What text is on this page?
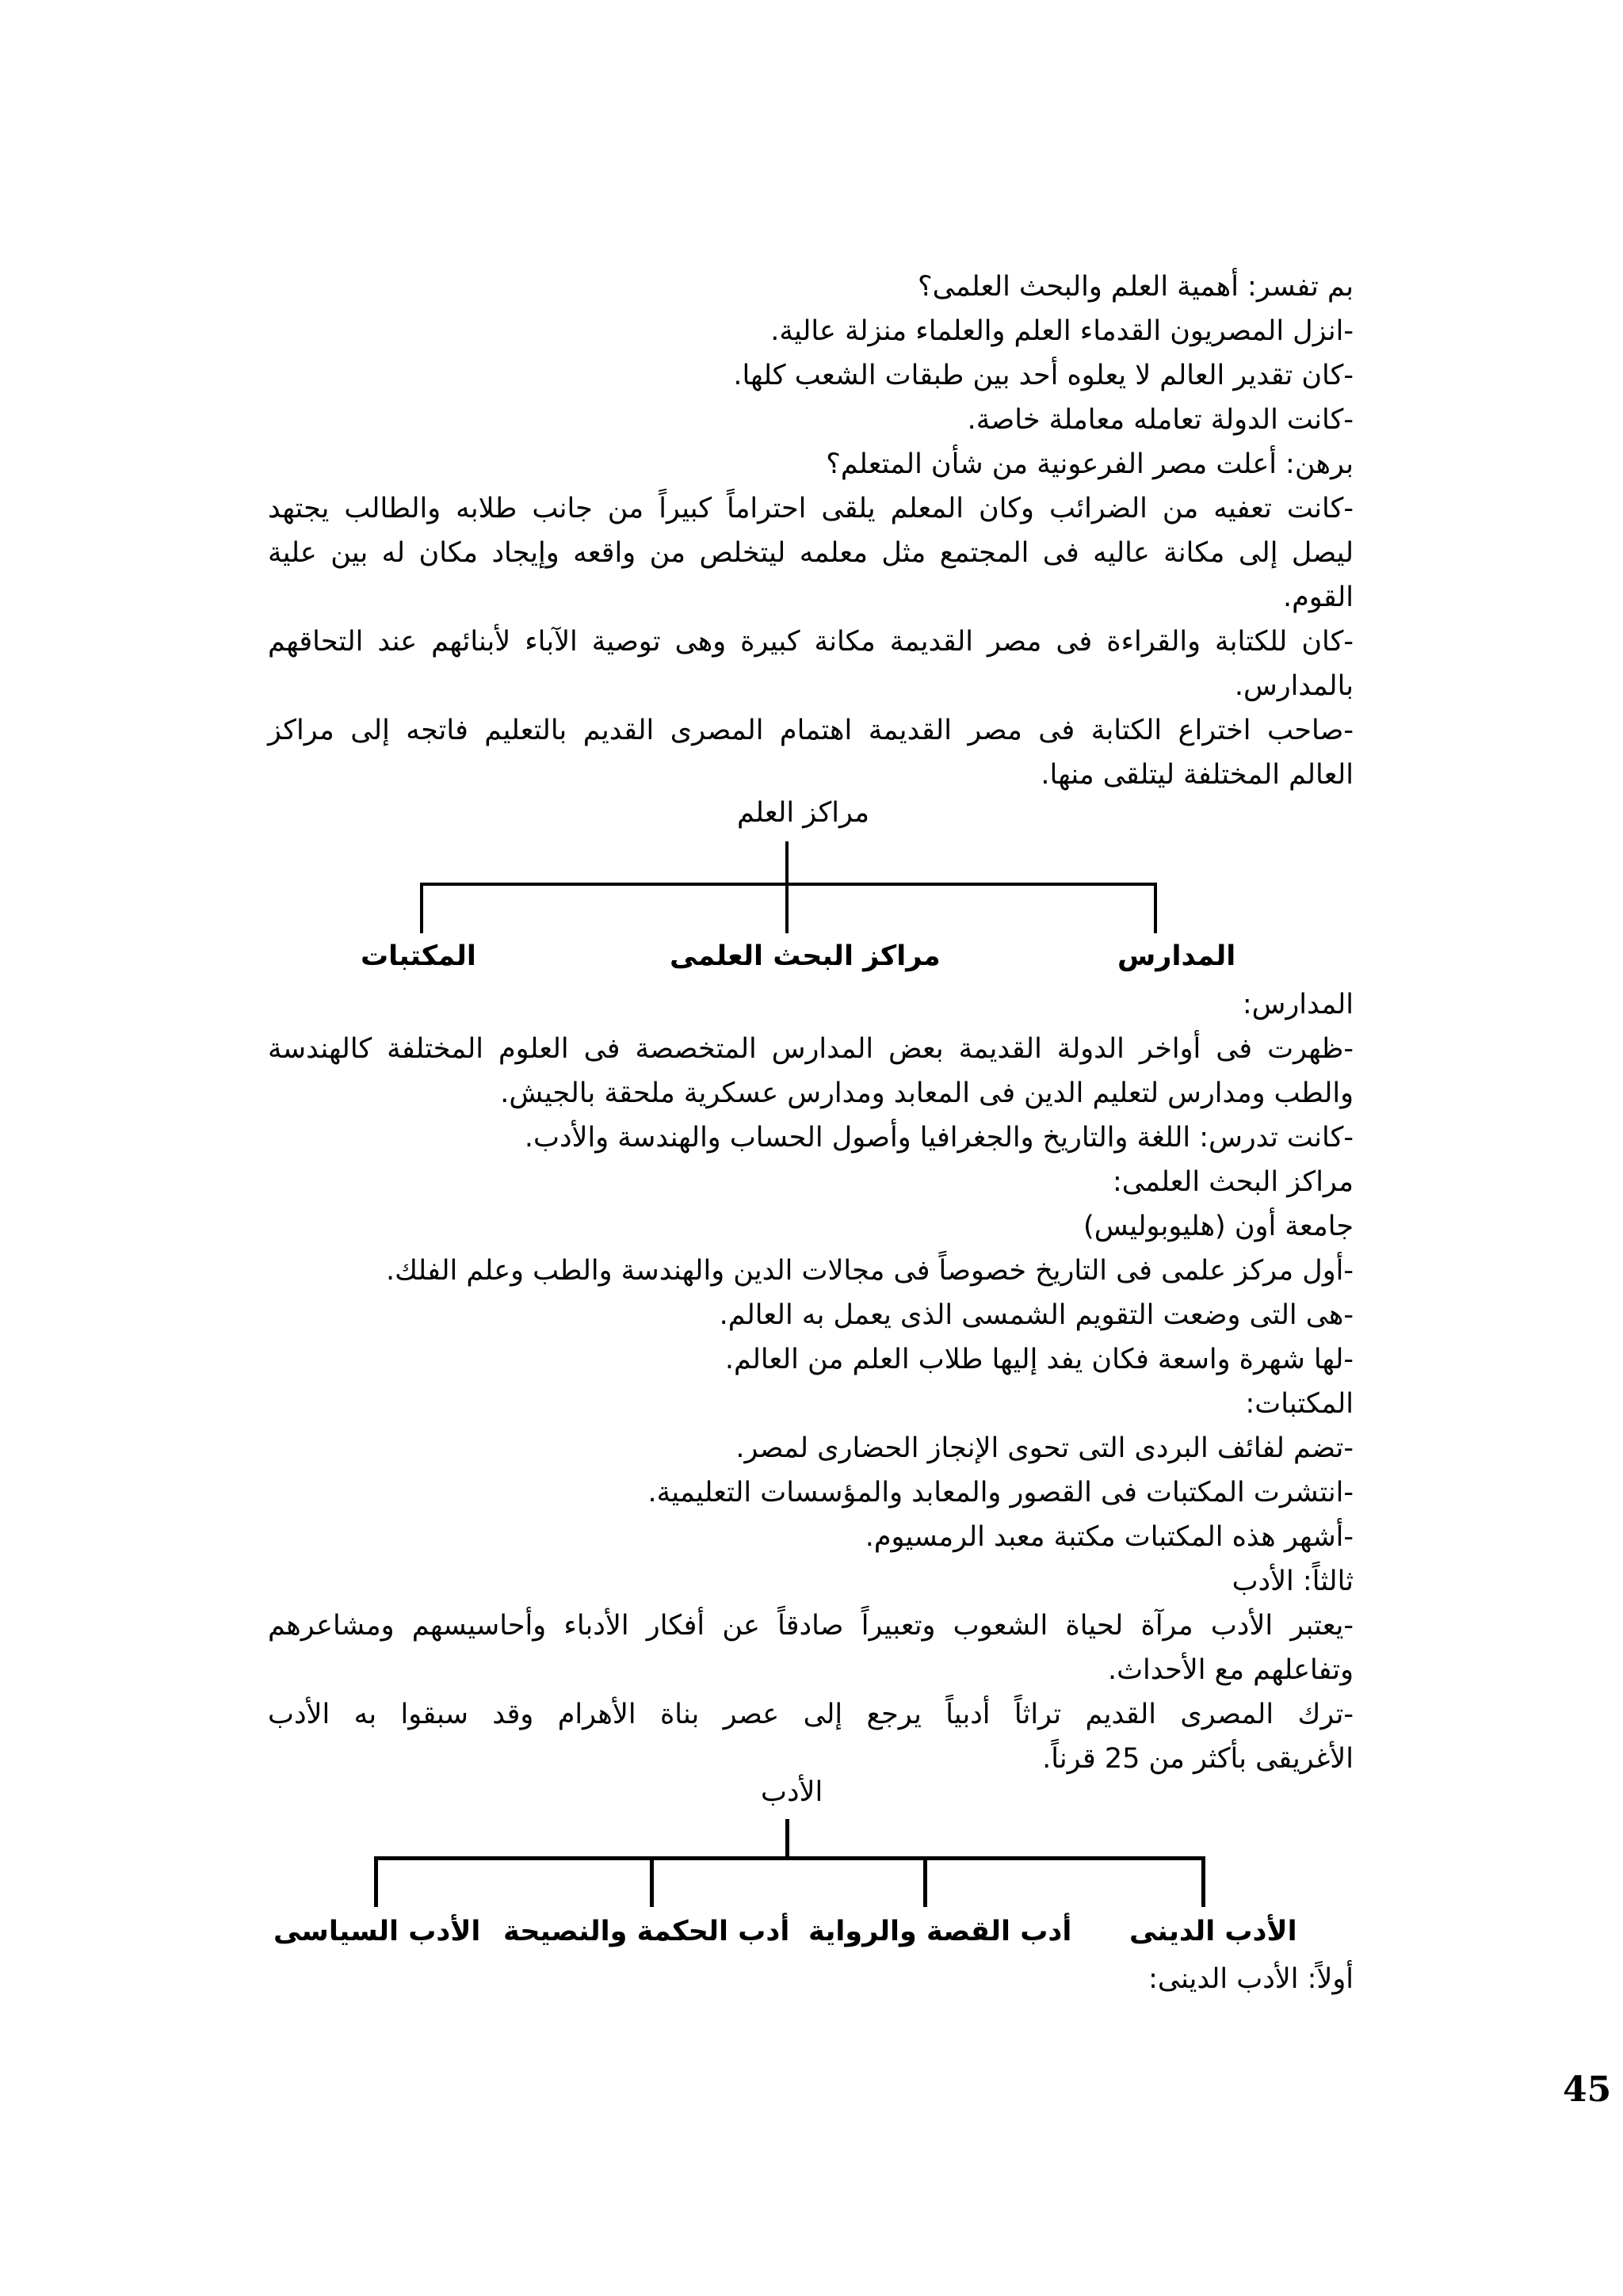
بم تفسر: أهمية العلم والبحث العلمى؟
-انزل المصريون القدماء العلم والعلماء منزلة عالية.
-كان تقدير العالم لا يعلوه أحد بين طبقات الشعب كلها.
-كانت الدولة تعامله معاملة خاصة.
برهن: أعلت مصر الفرعونية من شأن المتعلم؟
-كانت تعفيه من الضرائب وكان المعلم يلقى احتراماً كبيراً من جانب طلابه والطالب يجتهد
ليصل إلى مكانة عاليه فى المجتمع مثل معلمه ليتخلص من واقعه وإيجاد مكان له بين علية
القوم.
-كان للكتابة والقراءة فى مصر القديمة مكانة كبيرة وهى توصية الآباء لأبنائهم عند التحاقهم
بالمدارس.
-صاحب اختراع الكتابة فى مصر القديمة اهتمام المصرى القديم بالتعليم فاتجه إلى مراكز
العالم المختلفة ليتلقى منها.
مراكز العلم
المدارس
مراكز البحث العلمى
المكتبات
المدارس:
-ظهرت فى أواخر الدولة القديمة بعض المدارس المتخصصة فى العلوم المختلفة كالهندسة
والطب ومدارس لتعليم الدين فى المعابد ومدارس عسكرية ملحقة بالجيش.
-كانت تدرس: اللغة والتاريخ والجغرافيا وأصول الحساب والهندسة والأدب.
مراكز البحث العلمى:
جامعة أون (هليوبوليس)
-أول مركز علمى فى التاريخ خصوصاً فى مجالات الدين والهندسة والطب وعلم الفلك.
-هى التى وضعت التقويم الشمسى الذى يعمل به العالم.
-لها شهرة واسعة فكان يفد إليها طلاب العلم من العالم.
المكتبات:
-تضم لفائف البردى التى تحوى الإنجاز الحضارى لمصر.
-انتشرت المكتبات فى القصور والمعابد والمؤسسات التعليمية.
-أشهر هذه المكتبات مكتبة معبد الرمسيوم.
ثالثاً: الأدب
-يعتبر الأدب مرآة لحياة الشعوب وتعبيراً صادقاً عن أفكار الأدباء وأحاسيسهم ومشاعرهم
وتفاعلهم مع الأحداث.
-ترك المصرى القديم تراثاً أدبياً يرجع إلى عصر بناة الأهرام وقد سبقوا به الأدب
الأغريقى بأكثر من 25 قرناً.
الأدب
الأدب الدينى
أدب القصة والرواية
أدب الحكمة والنصيحة
الأدب السياسى
أولاً: الأدب الدينى:
45
